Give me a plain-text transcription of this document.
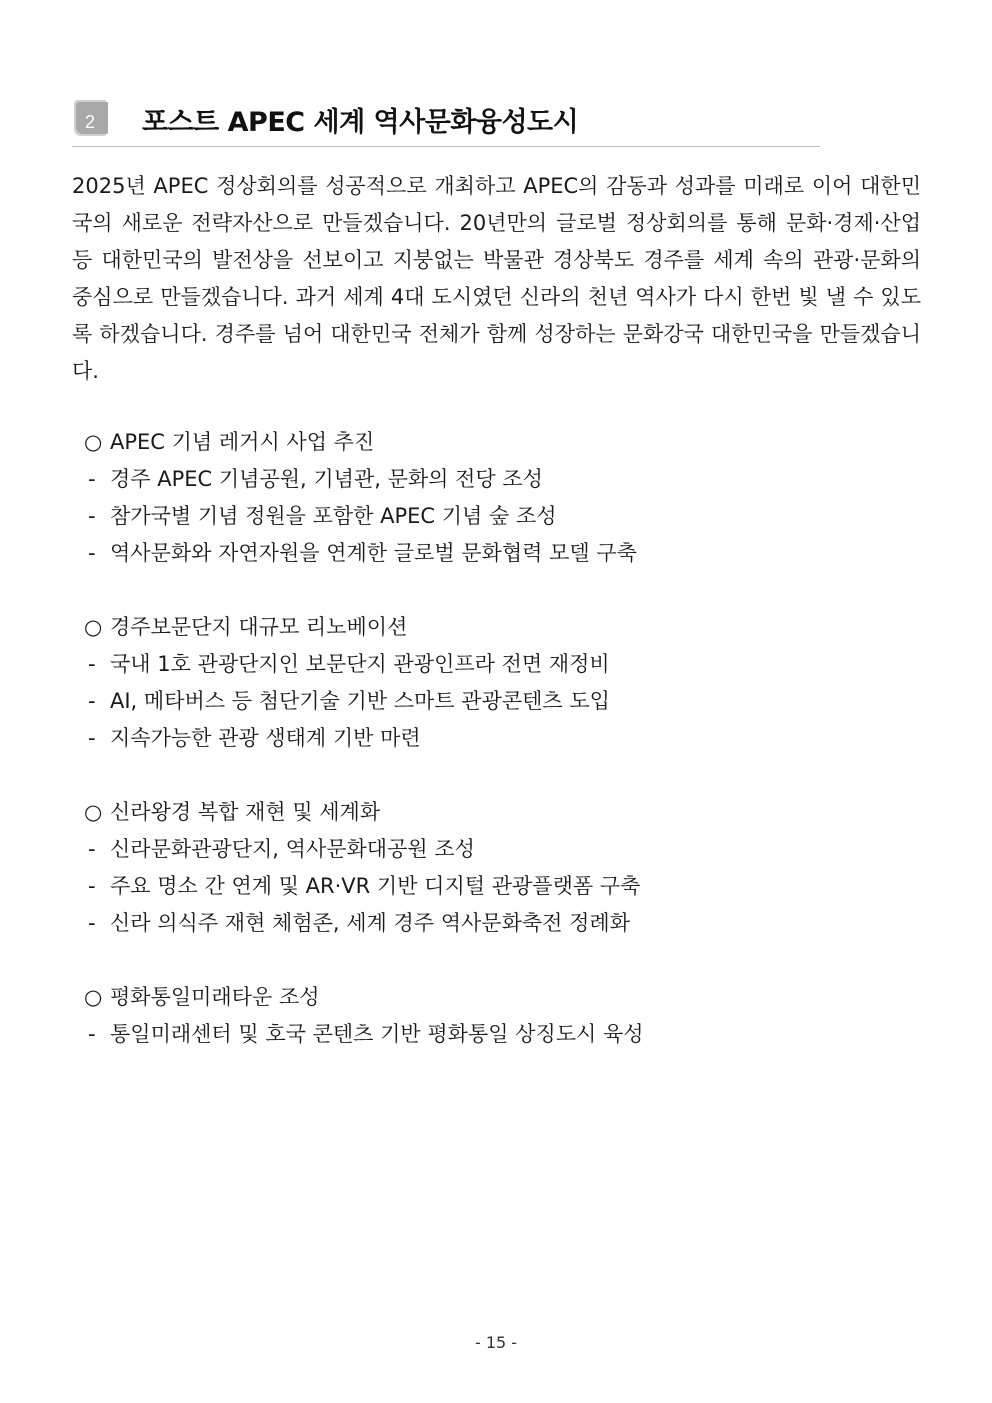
2	포스트 APEC 세계 역사문화융성도시

2025년 APEC 정상회의를 성공적으로 개최하고 APEC의 감동과 성과를 미래로 이어 대한민국의 새로운 전략자산으로 만들겠습니다. 20년만의 글로벌 정상회의를 통해 문화·경제·산업 등 대한민국의 발전상을 선보이고 지붕없는 박물관 경상북도 경주를 세계 속의 관광·문화의 중심으로 만들겠습니다. 과거 세계 4대 도시였던 신라의 천년 역사가 다시 한번 빛 낼 수 있도록 하겠습니다. 경주를 넘어 대한민국 전체가 함께 성장하는 문화강국 대한민국을 만들겠습니다.

○ APEC 기념 레거시 사업 추진
- 경주 APEC 기념공원, 기념관, 문화의 전당 조성
- 참가국별 기념 정원을 포함한 APEC 기념 숲 조성
- 역사문화와 자연자원을 연계한 글로벌 문화협력 모델 구축
○ 경주보문단지 대규모 리노베이션
- 국내 1호 관광단지인 보문단지 관광인프라 전면 재정비
- AI, 메타버스 등 첨단기술 기반 스마트 관광콘텐츠 도입
- 지속가능한 관광 생태계 기반 마련
○ 신라왕경 복합 재현 및 세계화
- 신라문화관광단지, 역사문화대공원 조성
- 주요 명소 간 연계 및 AR·VR 기반 디지털 관광플랫폼 구축
- 신라 의식주 재현 체험존, 세계 경주 역사문화축전 정례화
○ 평화통일미래타운 조성
- 통일미래센터 및 호국 콘텐츠 기반 평화통일 상징도시 육성
- 15 -
